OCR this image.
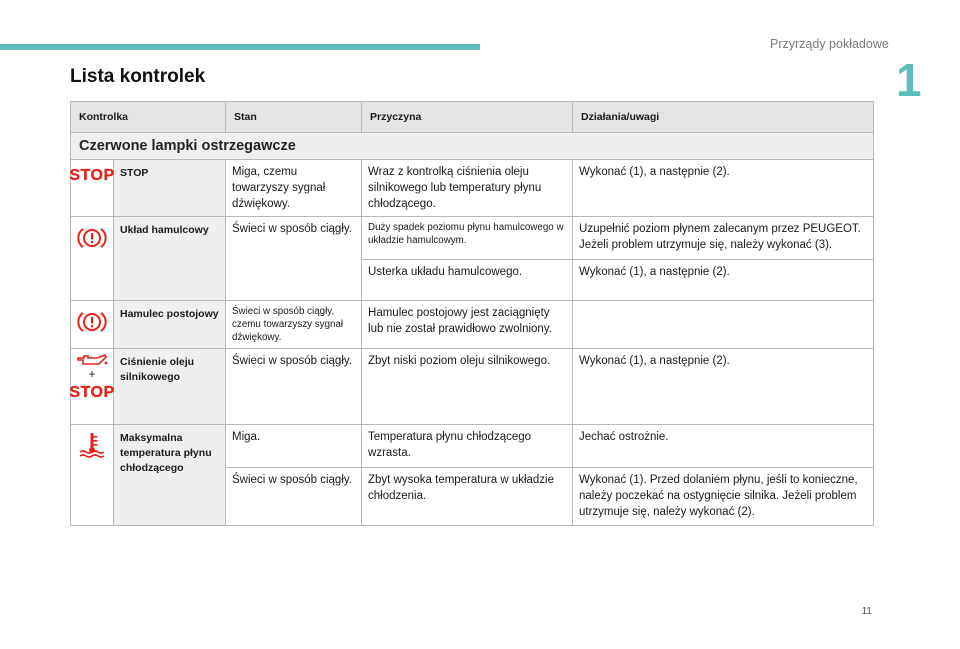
Przyrządy pokładowe
1
Lista kontrolek
Kontrolka		Stan	Przyczyna	Działania/uwagi
Czerwone lampki ostrzegawcze				

STOP	STOP	Miga, czemu towarzyszy sygnał dźwiękowy.	Wraz z kontrolką ciśnienia oleju silnikowego lub temperatury płynu chłodzącego.	Wykonać (1), a następnie (2).

	Układ hamulcowy	Świeci w sposób ciągły.	Duży spadek poziomu płynu hamulcowego w układzie hamulcowym.	Uzupełnić poziom płynem zalecanym przez PEUGEOT. Jeżeli problem utrzymuje się, należy wykonać (3).
			Usterka układu hamulcowego.	Wykonać (1), a następnie (2).

	Hamulec postojowy	Świeci w sposób ciągły, czemu towarzyszy sygnał dźwiękowy.	Hamulec postojowy jest zaciągnięty lub nie został prawidłowo zwolniony.	

+
STOP	Ciśnienie oleju silnikowego	Świeci w sposób ciągły.	Zbyt niski poziom oleju silnikowego.	Wykonać (1), a następnie (2).

	Maksymalna temperatura płynu chłodzącego	Miga.	Temperatura płynu chłodzącego wzrasta.	Jechać ostrożnie.
		Świeci w sposób ciągły.	Zbyt wysoka temperatura w układzie chłodzenia.	Wykonać (1). Przed dolaniem płynu, jeśli to konieczne, należy poczekać na ostygnięcie silnika. Jeżeli problem utrzymuje się, należy wykonać (2).
11
